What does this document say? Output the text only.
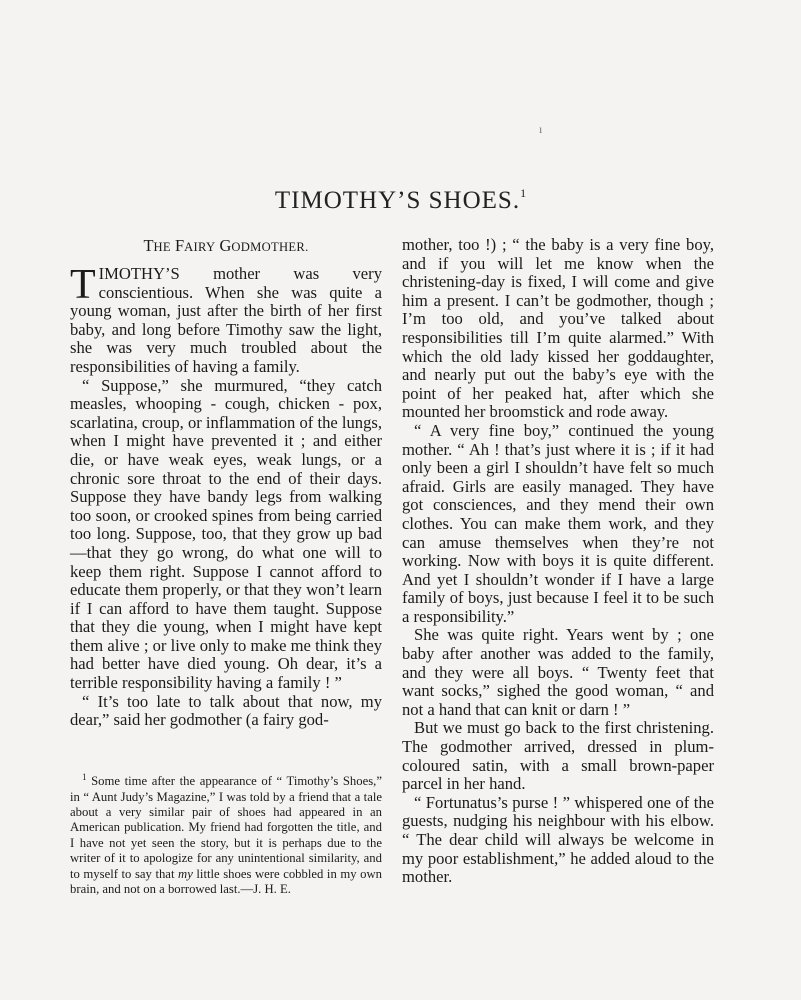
ı
TIMOTHY’S SHOES.$^1$
THE FAIRY GODMOTHER.

TIMOTHY’S mother was very conscientious. When she was quite a young woman, just after the birth of her first baby, and long before Timothy saw the light, she was very much troubled about the responsibilities of having a family.

“ Suppose,” she murmured, “they catch measles, whooping - cough, chicken - pox, scarlatina, croup, or inflammation of the lungs, when I might have prevented it ; and either die, or have weak eyes, weak lungs, or a chronic sore throat to the end of their days. Suppose they have bandy legs from walking too soon, or crooked spines from being carried too long. Suppose, too, that they grow up bad—that they go wrong, do what one will to keep them right. Suppose I cannot afford to educate them properly, or that they won’t learn if I can afford to have them taught. Suppose that they die young, when I might have kept them alive ; or live only to make me think they had better have died young. Oh dear, it’s a terrible responsibility having a family ! ”

“ It’s too late to talk about that now, my dear,” said her godmother (a fairy god-

$^1$ Some time after the appearance of “ Timothy’s Shoes,” in “ Aunt Judy’s Magazine,” I was told by a friend that a tale about a very similar pair of shoes had appeared in an American publication. My friend had forgotten the title, and I have not yet seen the story, but it is perhaps due to the writer of it to apologize for any unintentional similarity, and to myself to say that my little shoes were cobbled in my own brain, and not on a borrowed last.—J. H. E.

mother, too !) ; “ the baby is a very fine boy, and if you will let me know when the christening-day is fixed, I will come and give him a present. I can’t be godmother, though ; I’m too old, and you’ve talked about responsibilities till I’m quite alarmed.” With which the old lady kissed her goddaughter, and nearly put out the baby’s eye with the point of her peaked hat, after which she mounted her broomstick and rode away.

“ A very fine boy,” continued the young mother. “ Ah ! that’s just where it is ; if it had only been a girl I shouldn’t have felt so much afraid. Girls are easily managed. They have got consciences, and they mend their own clothes. You can make them work, and they can amuse themselves when they’re not working. Now with boys it is quite different. And yet I shouldn’t wonder if I have a large family of boys, just because I feel it to be such a responsibility.”

She was quite right. Years went by ; one baby after another was added to the family, and they were all boys. “ Twenty feet that want socks,” sighed the good woman, “ and not a hand that can knit or darn ! ”

But we must go back to the first christening. The godmother arrived, dressed in plum-coloured satin, with a small brown-paper parcel in her hand.

“ Fortunatus’s purse ! ” whispered one of the guests, nudging his neighbour with his elbow. “ The dear child will always be welcome in my poor establishment,” he added aloud to the mother.
